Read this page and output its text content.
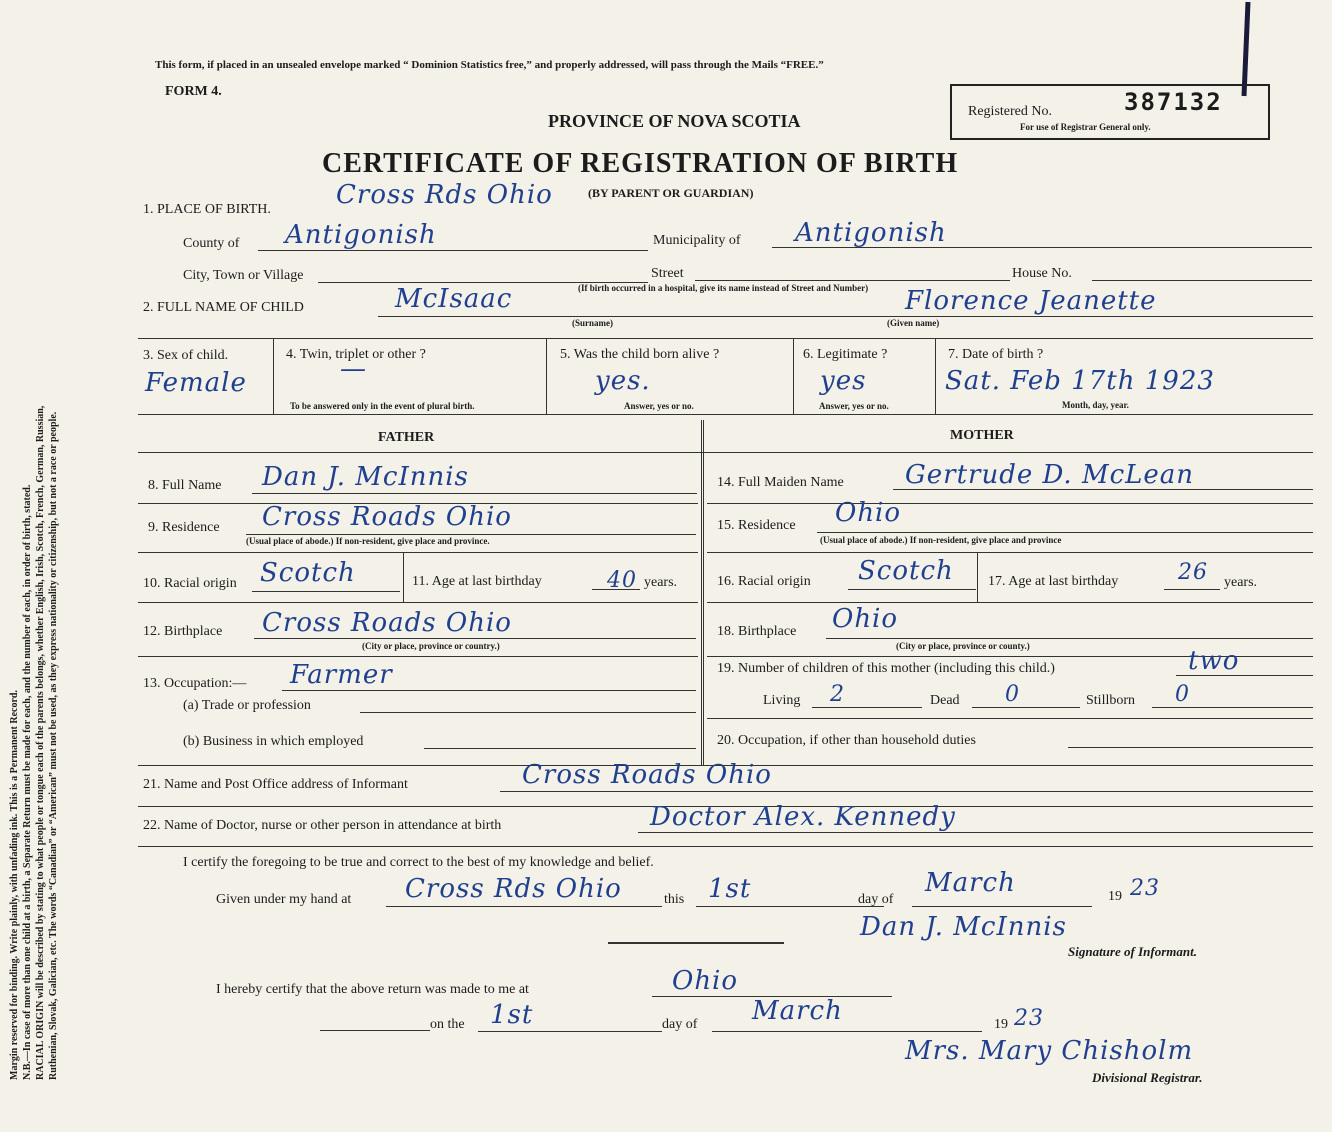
Margin reserved for binding. Write plainly, with unfading ink. This is a Permanent Record. N.B.—In case of more than one child at a birth, a Separate Return must be made for each, and the number of each, in order of birth, stated. RACIAL ORIGIN will be described by stating to what people or tongue each of the parents belongs, whether English, Irish, Scotch, French, German, Russian, Ruthenian, Slovak, Galician, etc. The words “Canadian” or “American” must not be used, as they express nationality or citizenship, but not a race or people.
This form, if placed in an unsealed envelope marked “ Dominion Statistics free,” and properly addressed, will pass through the Mails “FREE.”
FORM 4.
PROVINCE OF NOVA SCOTIA
CERTIFICATE OF REGISTRATION OF BIRTH
(BY PARENT OR GUARDIAN)
Registered No.	387132
For use of Registrar General only.
1. PLACE OF BIRTH.	Cross Rds Ohio
County of Antigonish	Municipality of Antigonish
City, Town or Village	Street	House No.
(If birth occurred in a hospital, give its name instead of Street and Number)
2. FULL NAME OF CHILD	McIsaac
(Surname)
Florence Jeanette
(Given name)
3. Sex of child.
Female
4. Twin, triplet or other ?
—
To be answered only in the event of plural birth.
5. Was the child born alive ?
yes.
Answer, yes or no.
6. Legitimate ?
yes
Answer, yes or no.
7. Date of birth ?
Sat. Feb 17th 1923
Month, day, year.
FATHER	MOTHER
8. Full Name Dan J. McInnis
9. Residence Cross Roads Ohio
(Usual place of abode.) If non-resident, give place and province.
10. Racial origin Scotch	11. Age at last birthday	40 years.
12. Birthplace Cross Roads Ohio
(City or place, province or country.)
13. Occupation:— Farmer
(a) Trade or profession
(b) Business in which employed
14. Full Maiden Name Gertrude D. McLean
15. Residence Ohio
(Usual place of abode.) If non-resident, give place and province
16. Racial origin Scotch 17. Age at last birthday	26 years.
18. Birthplace Ohio
(City or place, province or county.)
19. Number of children of this mother (including this child.)	two
Living 2	Dead 0	Stillborn 0
20. Occupation, if other than household duties
21. Name and Post Office address of Informant	Cross Roads Ohio
22. Name of Doctor, nurse or other person in attendance at birth	Doctor Alex. Kennedy
I certify the foregoing to be true and correct to the best of my knowledge and belief.
Given under my hand at Cross Rds Ohio	this 1st	day of
March	19 23
Dan J. McInnis
Signature of Informant.
I hereby certify that the above return was made to me at	Ohio
on the 1st	day of March	19 23
Mrs. Mary Chisholm
Divisional Registrar.
